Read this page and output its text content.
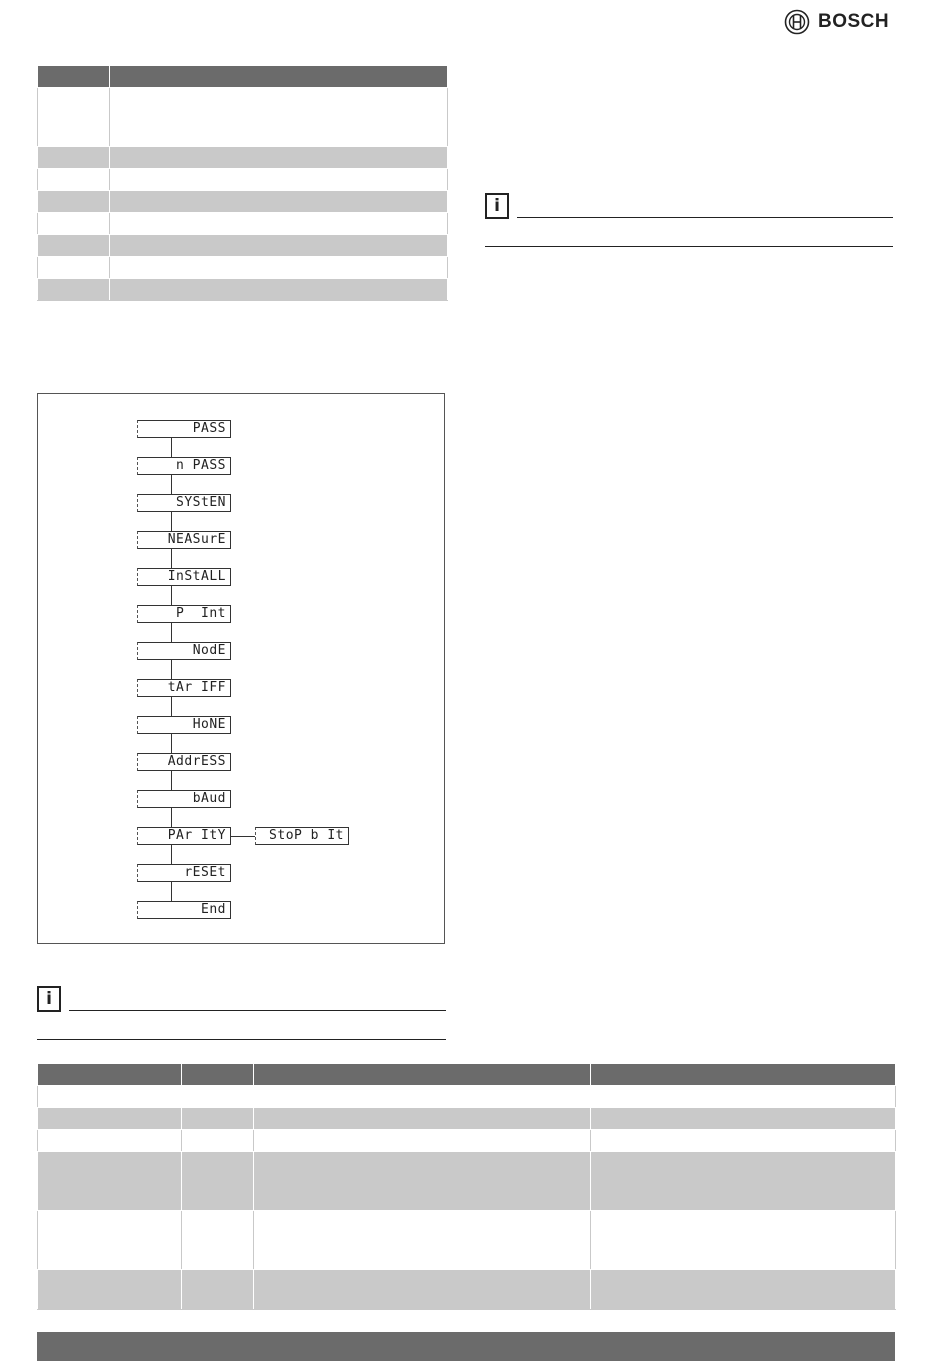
BOSCH

i
PASS
n PASS
SYStEN
NEASurE
InStALL
P  Int
NodE
tAr IFF
HoNE
AddrESS
bAud
PAr ItY
rESEt
End
StoP b It
i
